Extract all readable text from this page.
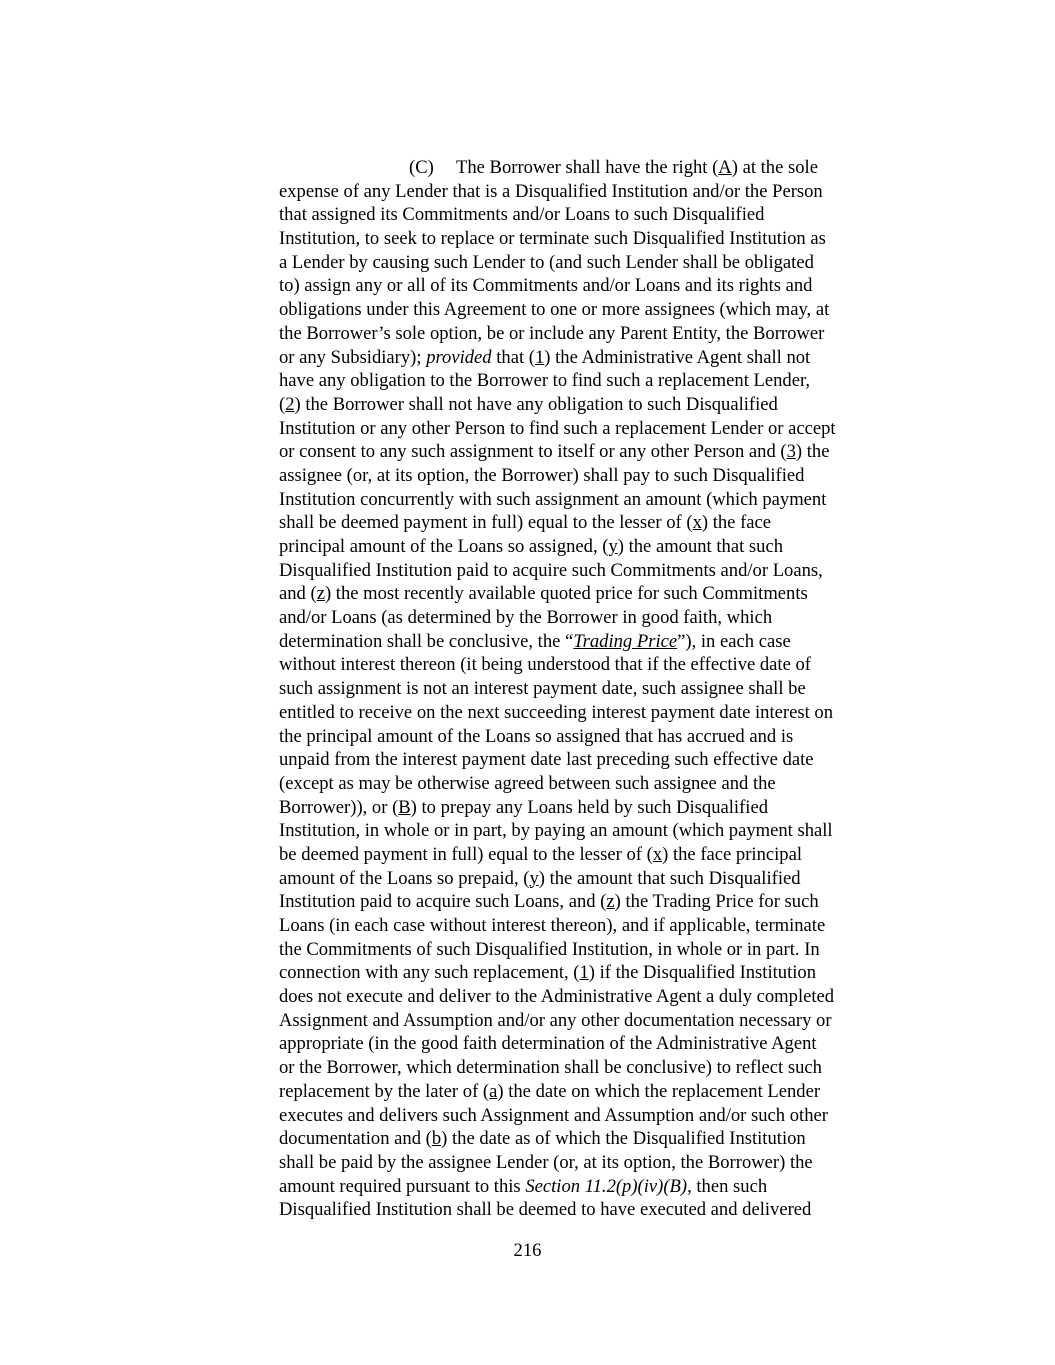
(C) The Borrower shall have the right (A) at the sole
expense of any Lender that is a Disqualified Institution and/or the Person
that assigned its Commitments and/or Loans to such Disqualified
Institution, to seek to replace or terminate such Disqualified Institution as
a Lender by causing such Lender to (and such Lender shall be obligated
to) assign any or all of its Commitments and/or Loans and its rights and
obligations under this Agreement to one or more assignees (which may, at
the Borrower’s sole option, be or include any Parent Entity, the Borrower
or any Subsidiary); provided that (1) the Administrative Agent shall not
have any obligation to the Borrower to find such a replacement Lender,
(2) the Borrower shall not have any obligation to such Disqualified
Institution or any other Person to find such a replacement Lender or accept
or consent to any such assignment to itself or any other Person and (3) the
assignee (or, at its option, the Borrower) shall pay to such Disqualified
Institution concurrently with such assignment an amount (which payment
shall be deemed payment in full) equal to the lesser of (x) the face
principal amount of the Loans so assigned, (y) the amount that such
Disqualified Institution paid to acquire such Commitments and/or Loans,
and (z) the most recently available quoted price for such Commitments
and/or Loans (as determined by the Borrower in good faith, which
determination shall be conclusive, the “Trading Price”), in each case
without interest thereon (it being understood that if the effective date of
such assignment is not an interest payment date, such assignee shall be
entitled to receive on the next succeeding interest payment date interest on
the principal amount of the Loans so assigned that has accrued and is
unpaid from the interest payment date last preceding such effective date
(except as may be otherwise agreed between such assignee and the
Borrower)), or (B) to prepay any Loans held by such Disqualified
Institution, in whole or in part, by paying an amount (which payment shall
be deemed payment in full) equal to the lesser of (x) the face principal
amount of the Loans so prepaid, (y) the amount that such Disqualified
Institution paid to acquire such Loans, and (z) the Trading Price for such
Loans (in each case without interest thereon), and if applicable, terminate
the Commitments of such Disqualified Institution, in whole or in part. In
connection with any such replacement, (1) if the Disqualified Institution
does not execute and deliver to the Administrative Agent a duly completed
Assignment and Assumption and/or any other documentation necessary or
appropriate (in the good faith determination of the Administrative Agent
or the Borrower, which determination shall be conclusive) to reflect such
replacement by the later of (a) the date on which the replacement Lender
executes and delivers such Assignment and Assumption and/or such other
documentation and (b) the date as of which the Disqualified Institution
shall be paid by the assignee Lender (or, at its option, the Borrower) the
amount required pursuant to this Section 11.2(p)(iv)(B), then such
Disqualified Institution shall be deemed to have executed and delivered
216
